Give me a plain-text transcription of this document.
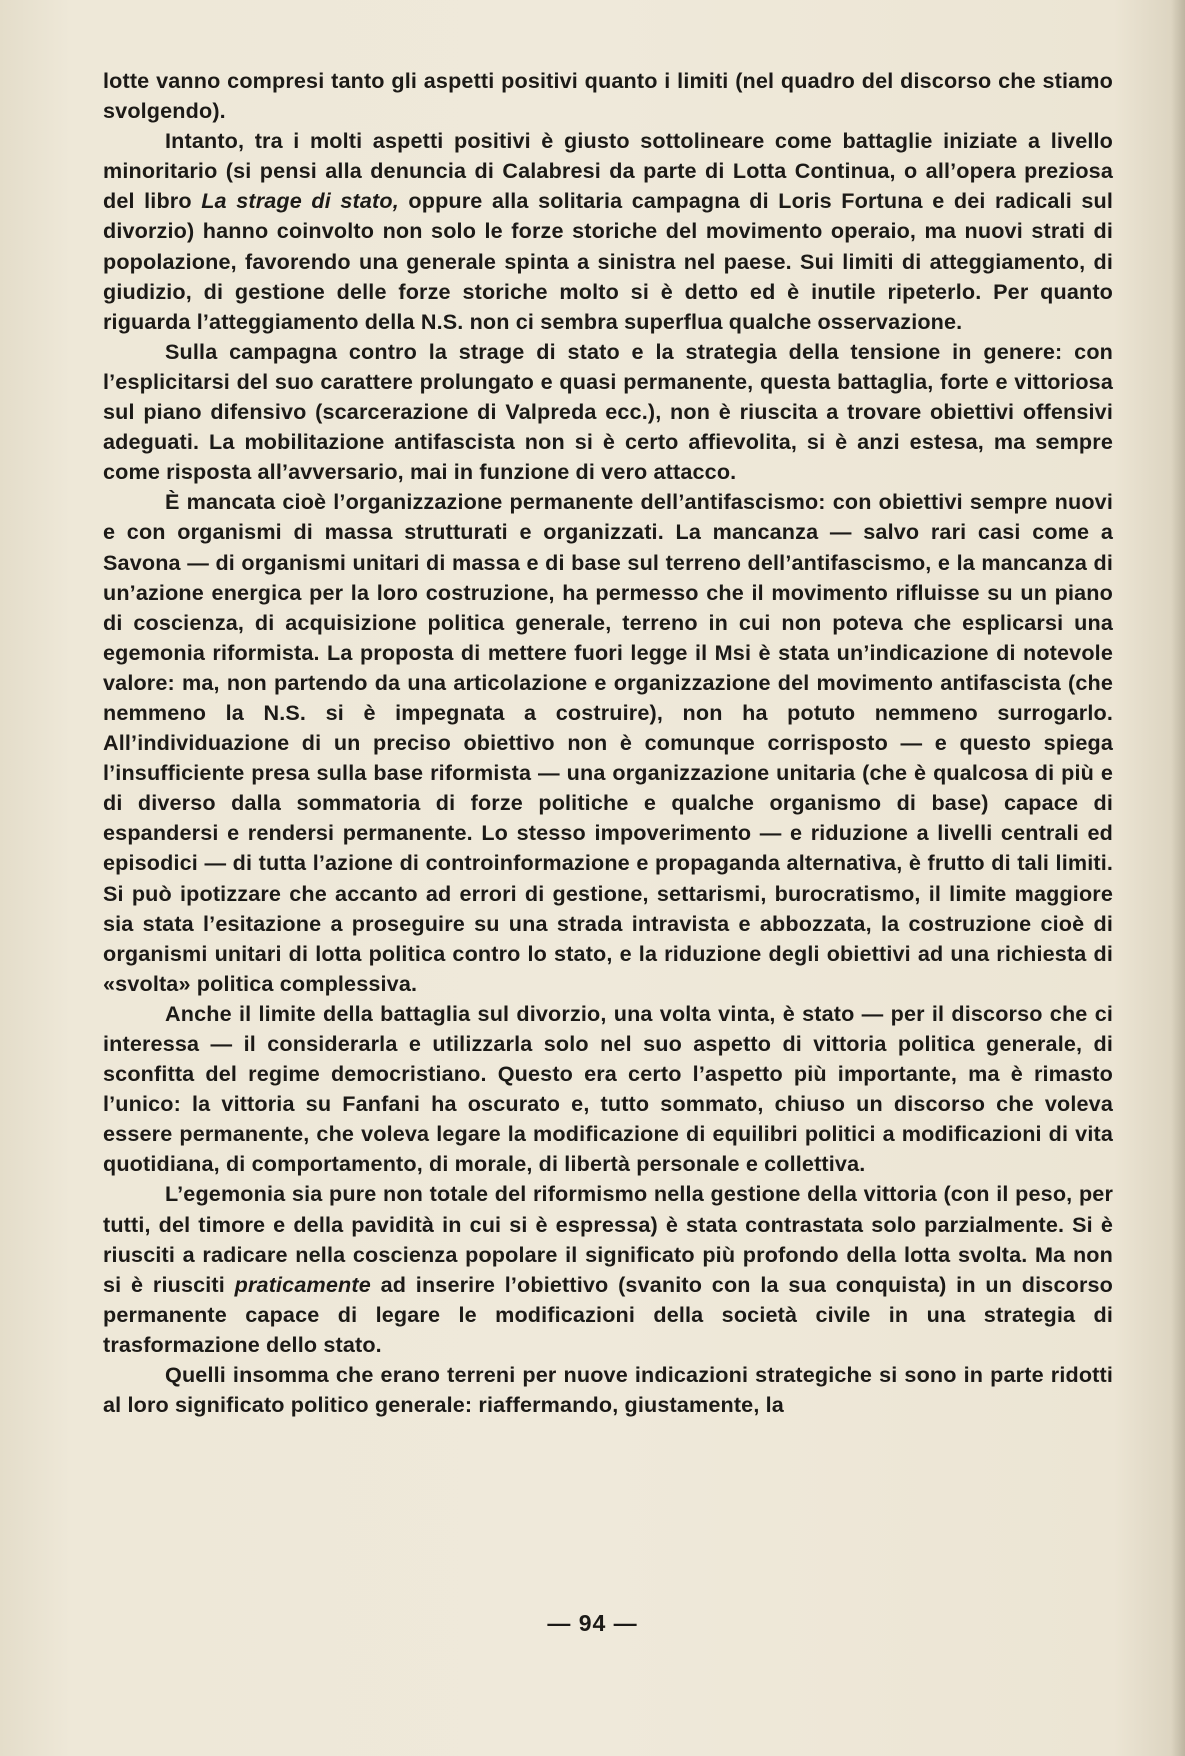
lotte vanno compresi tanto gli aspetti positivi quanto i limiti (nel quadro del discorso che stiamo svolgendo).

Intanto, tra i molti aspetti positivi è giusto sottolineare come battaglie iniziate a livello minoritario (si pensi alla denuncia di Calabresi da parte di Lotta Continua, o all’opera preziosa del libro La strage di stato, oppure alla solitaria campagna di Loris Fortuna e dei radicali sul divorzio) hanno coinvolto non solo le forze storiche del movimento operaio, ma nuovi strati di popolazione, favorendo una generale spinta a sinistra nel paese. Sui limiti di atteggiamento, di giudizio, di gestione delle forze storiche molto si è detto ed è inutile ripeterlo. Per quanto riguarda l’atteggiamento della N.S. non ci sembra superflua qualche osservazione.

Sulla campagna contro la strage di stato e la strategia della tensione in genere: con l’esplicitarsi del suo carattere prolungato e quasi permanente, questa battaglia, forte e vittoriosa sul piano difensivo (scarcerazione di Valpreda ecc.), non è riuscita a trovare obiettivi offensivi adeguati. La mobilitazione antifascista non si è certo affievolita, si è anzi estesa, ma sempre come risposta all’avversario, mai in funzione di vero attacco.

È mancata cioè l’organizzazione permanente dell’antifascismo: con obiettivi sempre nuovi e con organismi di massa strutturati e organizzati. La mancanza — salvo rari casi come a Savona — di organismi unitari di massa e di base sul terreno dell’antifascismo, e la mancanza di un’azione energica per la loro costruzione, ha permesso che il movimento rifluisse su un piano di coscienza, di acquisizione politica generale, terreno in cui non poteva che esplicarsi una egemonia riformista. La proposta di mettere fuori legge il Msi è stata un’indicazione di notevole valore: ma, non partendo da una articolazione e organizzazione del movimento antifascista (che nemmeno la N.S. si è impegnata a costruire), non ha potuto nemmeno surrogarlo. All’individuazione di un preciso obiettivo non è comunque corrisposto — e questo spiega l’insufficiente presa sulla base riformista — una organizzazione unitaria (che è qualcosa di più e di diverso dalla sommatoria di forze politiche e qualche organismo di base) capace di espandersi e rendersi permanente. Lo stesso impoverimento — e riduzione a livelli centrali ed episodici — di tutta l’azione di controinformazione e propaganda alternativa, è frutto di tali limiti. Si può ipotizzare che accanto ad errori di gestione, settarismi, burocratismo, il limite maggiore sia stata l’esitazione a proseguire su una strada intravista e abbozzata, la costruzione cioè di organismi unitari di lotta politica contro lo stato, e la riduzione degli obiettivi ad una richiesta di «svolta» politica complessiva.

Anche il limite della battaglia sul divorzio, una volta vinta, è stato — per il discorso che ci interessa — il considerarla e utilizzarla solo nel suo aspetto di vittoria politica generale, di sconfitta del regime democristiano. Questo era certo l’aspetto più importante, ma è rimasto l’unico: la vittoria su Fanfani ha oscurato e, tutto sommato, chiuso un discorso che voleva essere permanente, che voleva legare la modificazione di equilibri politici a modificazioni di vita quotidiana, di comportamento, di morale, di libertà personale e collettiva.

L’egemonia sia pure non totale del riformismo nella gestione della vittoria (con il peso, per tutti, del timore e della pavidità in cui si è espressa) è stata contrastata solo parzialmente. Si è riusciti a radicare nella coscienza popolare il significato più profondo della lotta svolta. Ma non si è riusciti praticamente ad inserire l’obiettivo (svanito con la sua conquista) in un discorso permanente capace di legare le modificazioni della società civile in una strategia di trasformazione dello stato.

Quelli insomma che erano terreni per nuove indicazioni strategiche si sono in parte ridotti al loro significato politico generale: riaffermando, giustamente, la

— 94 —
